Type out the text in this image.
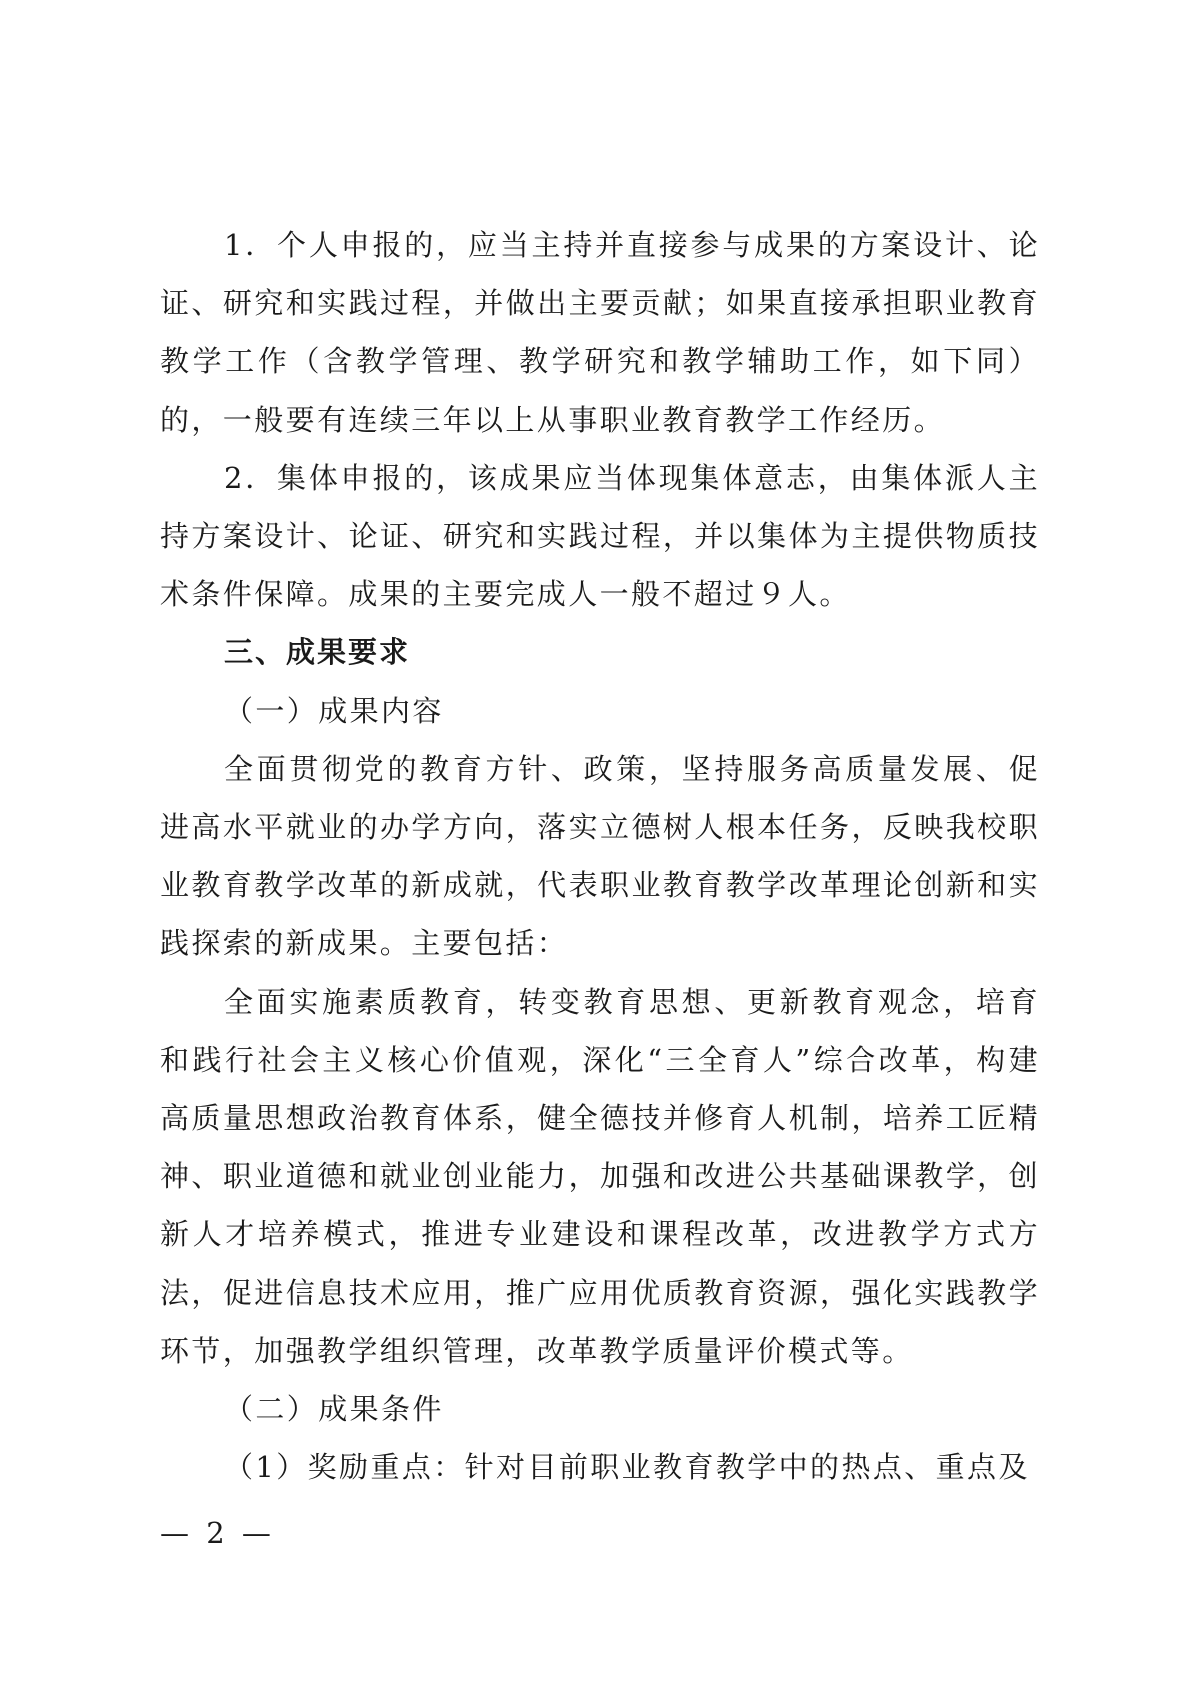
1．个人申报的，应当主持并直接参与成果的方案设计、论证、研究和实践过程，并做出主要贡献；如果直接承担职业教育教学工作（含教学管理、教学研究和教学辅助工作，如下同）的，一般要有连续三年以上从事职业教育教学工作经历。

2．集体申报的，该成果应当体现集体意志，由集体派人主持方案设计、论证、研究和实践过程，并以集体为主提供物质技术条件保障。成果的主要完成人一般不超过９人。

三、成果要求

（一）成果内容

全面贯彻党的教育方针、政策，坚持服务高质量发展、促进高水平就业的办学方向，落实立德树人根本任务，反映我校职业教育教学改革的新成就，代表职业教育教学改革理论创新和实践探索的新成果。主要包括：

全面实施素质教育，转变教育思想、更新教育观念，培育和践行社会主义核心价值观，深化“三全育人”综合改革，构建高质量思想政治教育体系，健全德技并修育人机制，培养工匠精神、职业道德和就业创业能力，加强和改进公共基础课教学，创新人才培养模式，推进专业建设和课程改革，改进教学方式方法，促进信息技术应用，推广应用优质教育资源，强化实践教学环节，加强教学组织管理，改革教学质量评价模式等。

（二）成果条件

（1）奖励重点：针对目前职业教育教学中的热点、重点及

— 2 —
